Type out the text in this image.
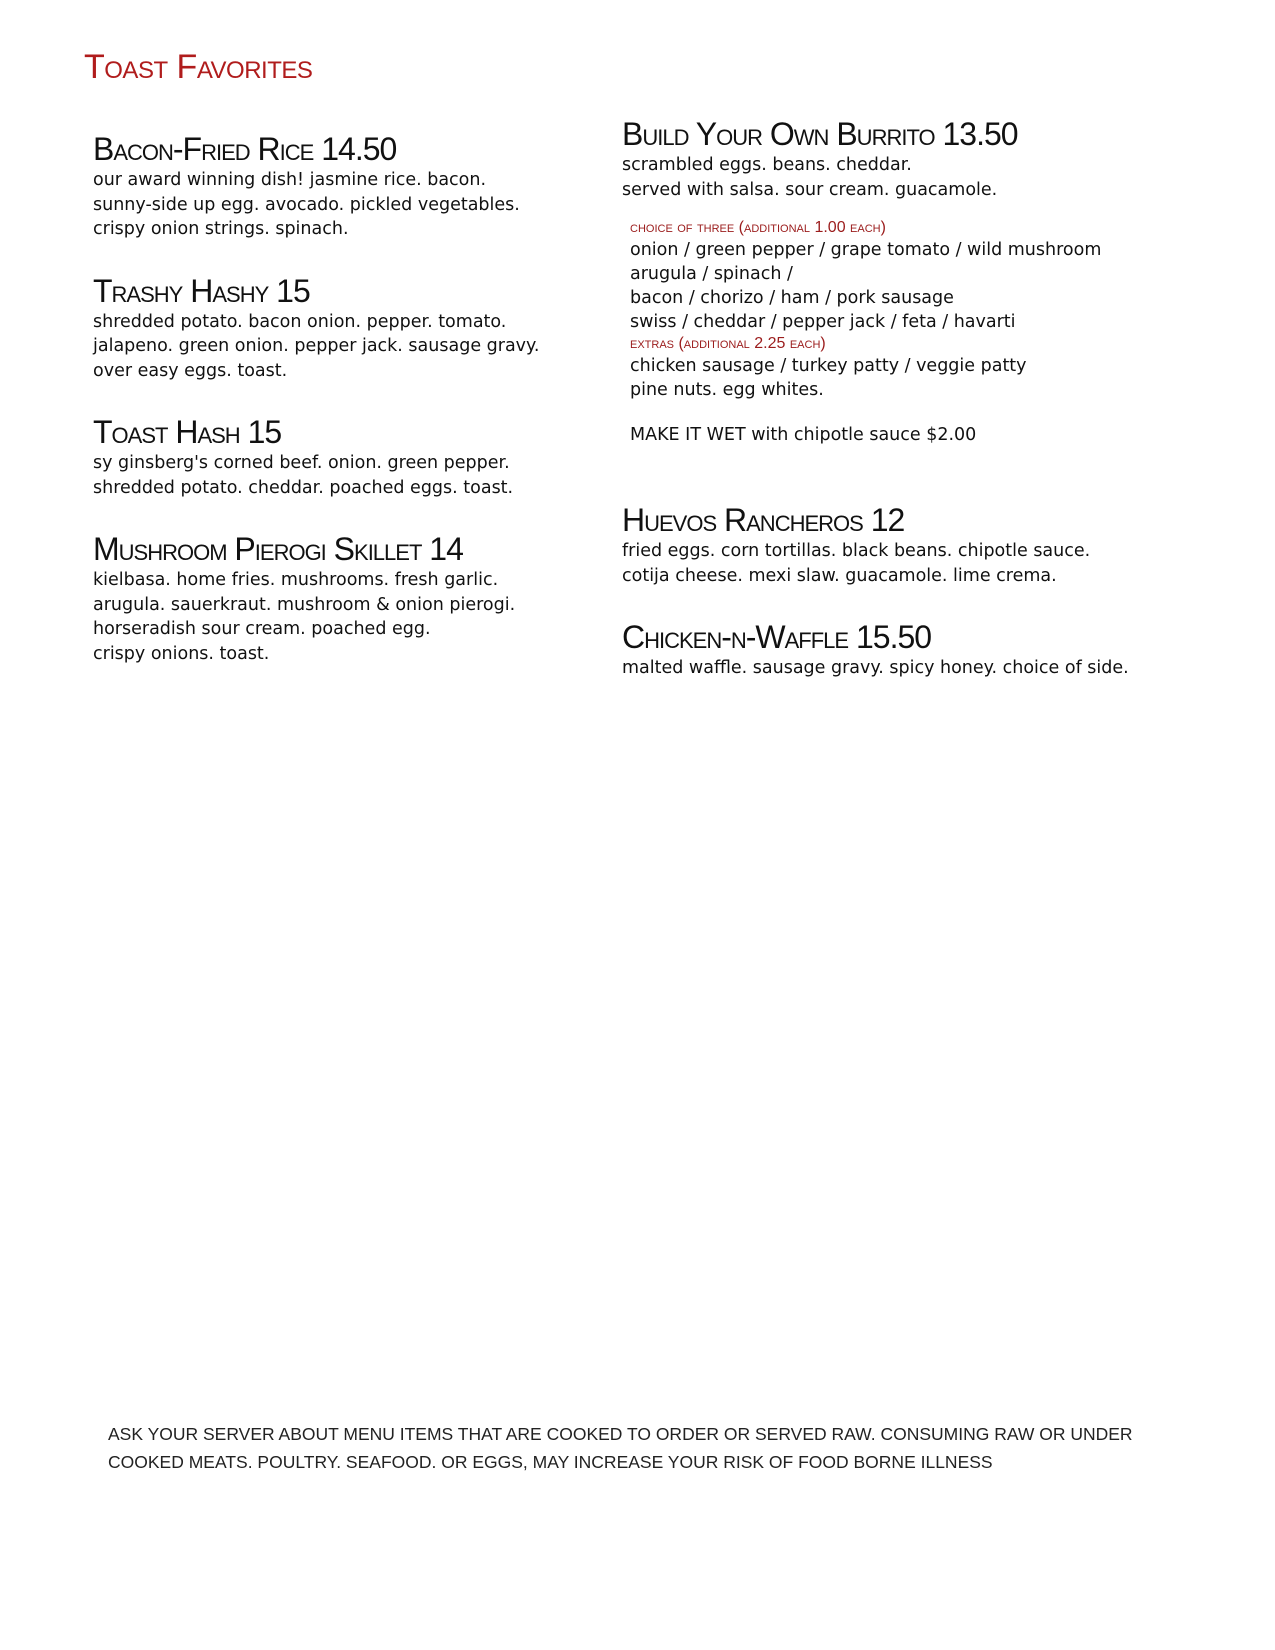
Toast Favorites
Bacon-Fried Rice 14.50
our award winning dish! jasmine rice. bacon.
sunny-side up egg. avocado. pickled vegetables.
crispy onion strings. spinach.
Trashy Hashy 15
shredded potato. bacon onion. pepper. tomato.
jalapeno. green onion. pepper jack. sausage gravy.
over easy eggs. toast.
Toast Hash 15
sy ginsberg's corned beef. onion. green pepper.
shredded potato. cheddar. poached eggs. toast.
Mushroom Pierogi Skillet 14
kielbasa. home fries. mushrooms. fresh garlic.
arugula. sauerkraut. mushroom & onion pierogi.
horseradish sour cream. poached egg.
crispy onions. toast.
Build Your Own Burrito 13.50
scrambled eggs. beans. cheddar.
served with salsa. sour cream. guacamole.
choice of three (additional 1.00 each)
onion / green pepper / grape tomato / wild mushroom
arugula / spinach /
bacon / chorizo / ham / pork sausage
swiss / cheddar / pepper jack / feta / havarti
extras (additional 2.25 each)
chicken sausage / turkey patty / veggie patty
pine nuts. egg whites.
MAKE IT WET with chipotle sauce $2.00
Huevos Rancheros 12
fried eggs. corn tortillas. black beans. chipotle sauce.
cotija cheese. mexi slaw. guacamole. lime crema.
Chicken-n-Waffle 15.50
malted waffle. sausage gravy. spicy honey. choice of side.
ASK YOUR SERVER ABOUT MENU ITEMS THAT ARE COOKED TO ORDER OR SERVED RAW. CONSUMING RAW OR UNDER
COOKED MEATS. POULTRY. SEAFOOD. OR EGGS, MAY INCREASE YOUR RISK OF FOOD BORNE ILLNESS
